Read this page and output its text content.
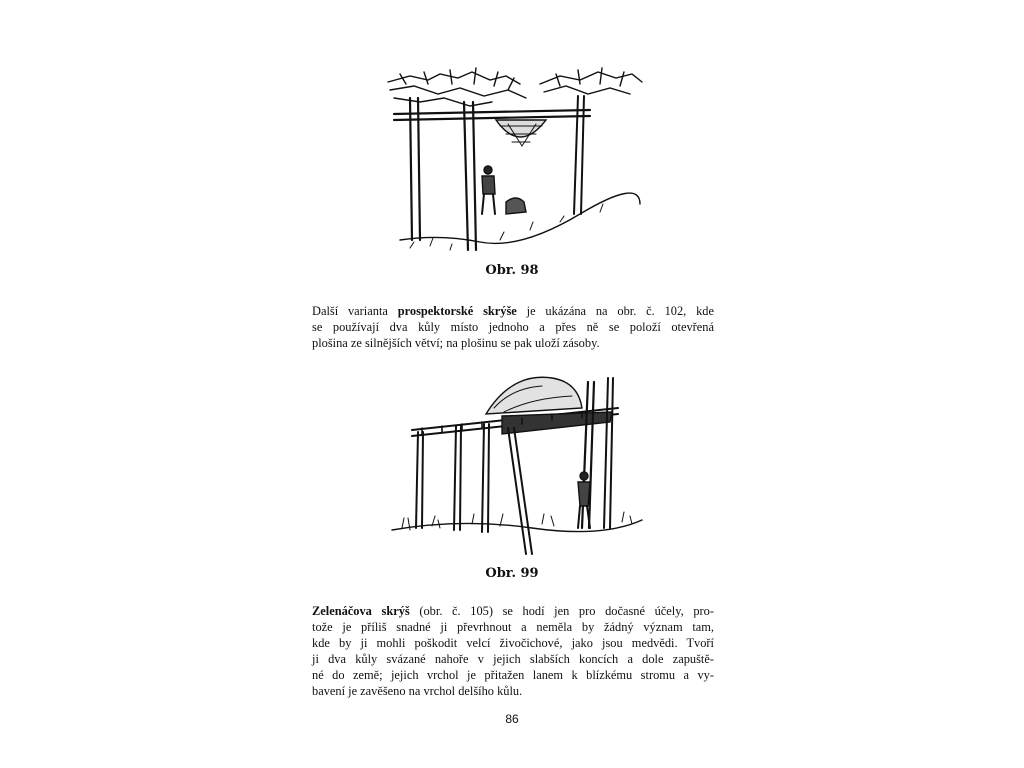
Obr. 98

Další varianta prospektorské skrýše je ukázána na obr. č. 102, kde
se používají dva kůly místo jednoho a přes ně se položí otevřená
plošina ze silnějších větví; na plošinu se pak uloží zásoby.

Obr. 99

Zelenáčova skrýš (obr. č. 105) se hodí jen pro dočasné účely, pro-
tože je příliš snadné ji převrhnout a neměla by žádný význam tam,
kde by ji mohli poškodit velcí živočichové, jako jsou medvědi. Tvoří
ji dva kůly svázané nahoře v jejich slabších koncích a dole zapuště-
né do země; jejich vrchol je přitažen lanem k blízkému stromu a vy-
bavení je zavěšeno na vrchol delšího kůlu.

86
